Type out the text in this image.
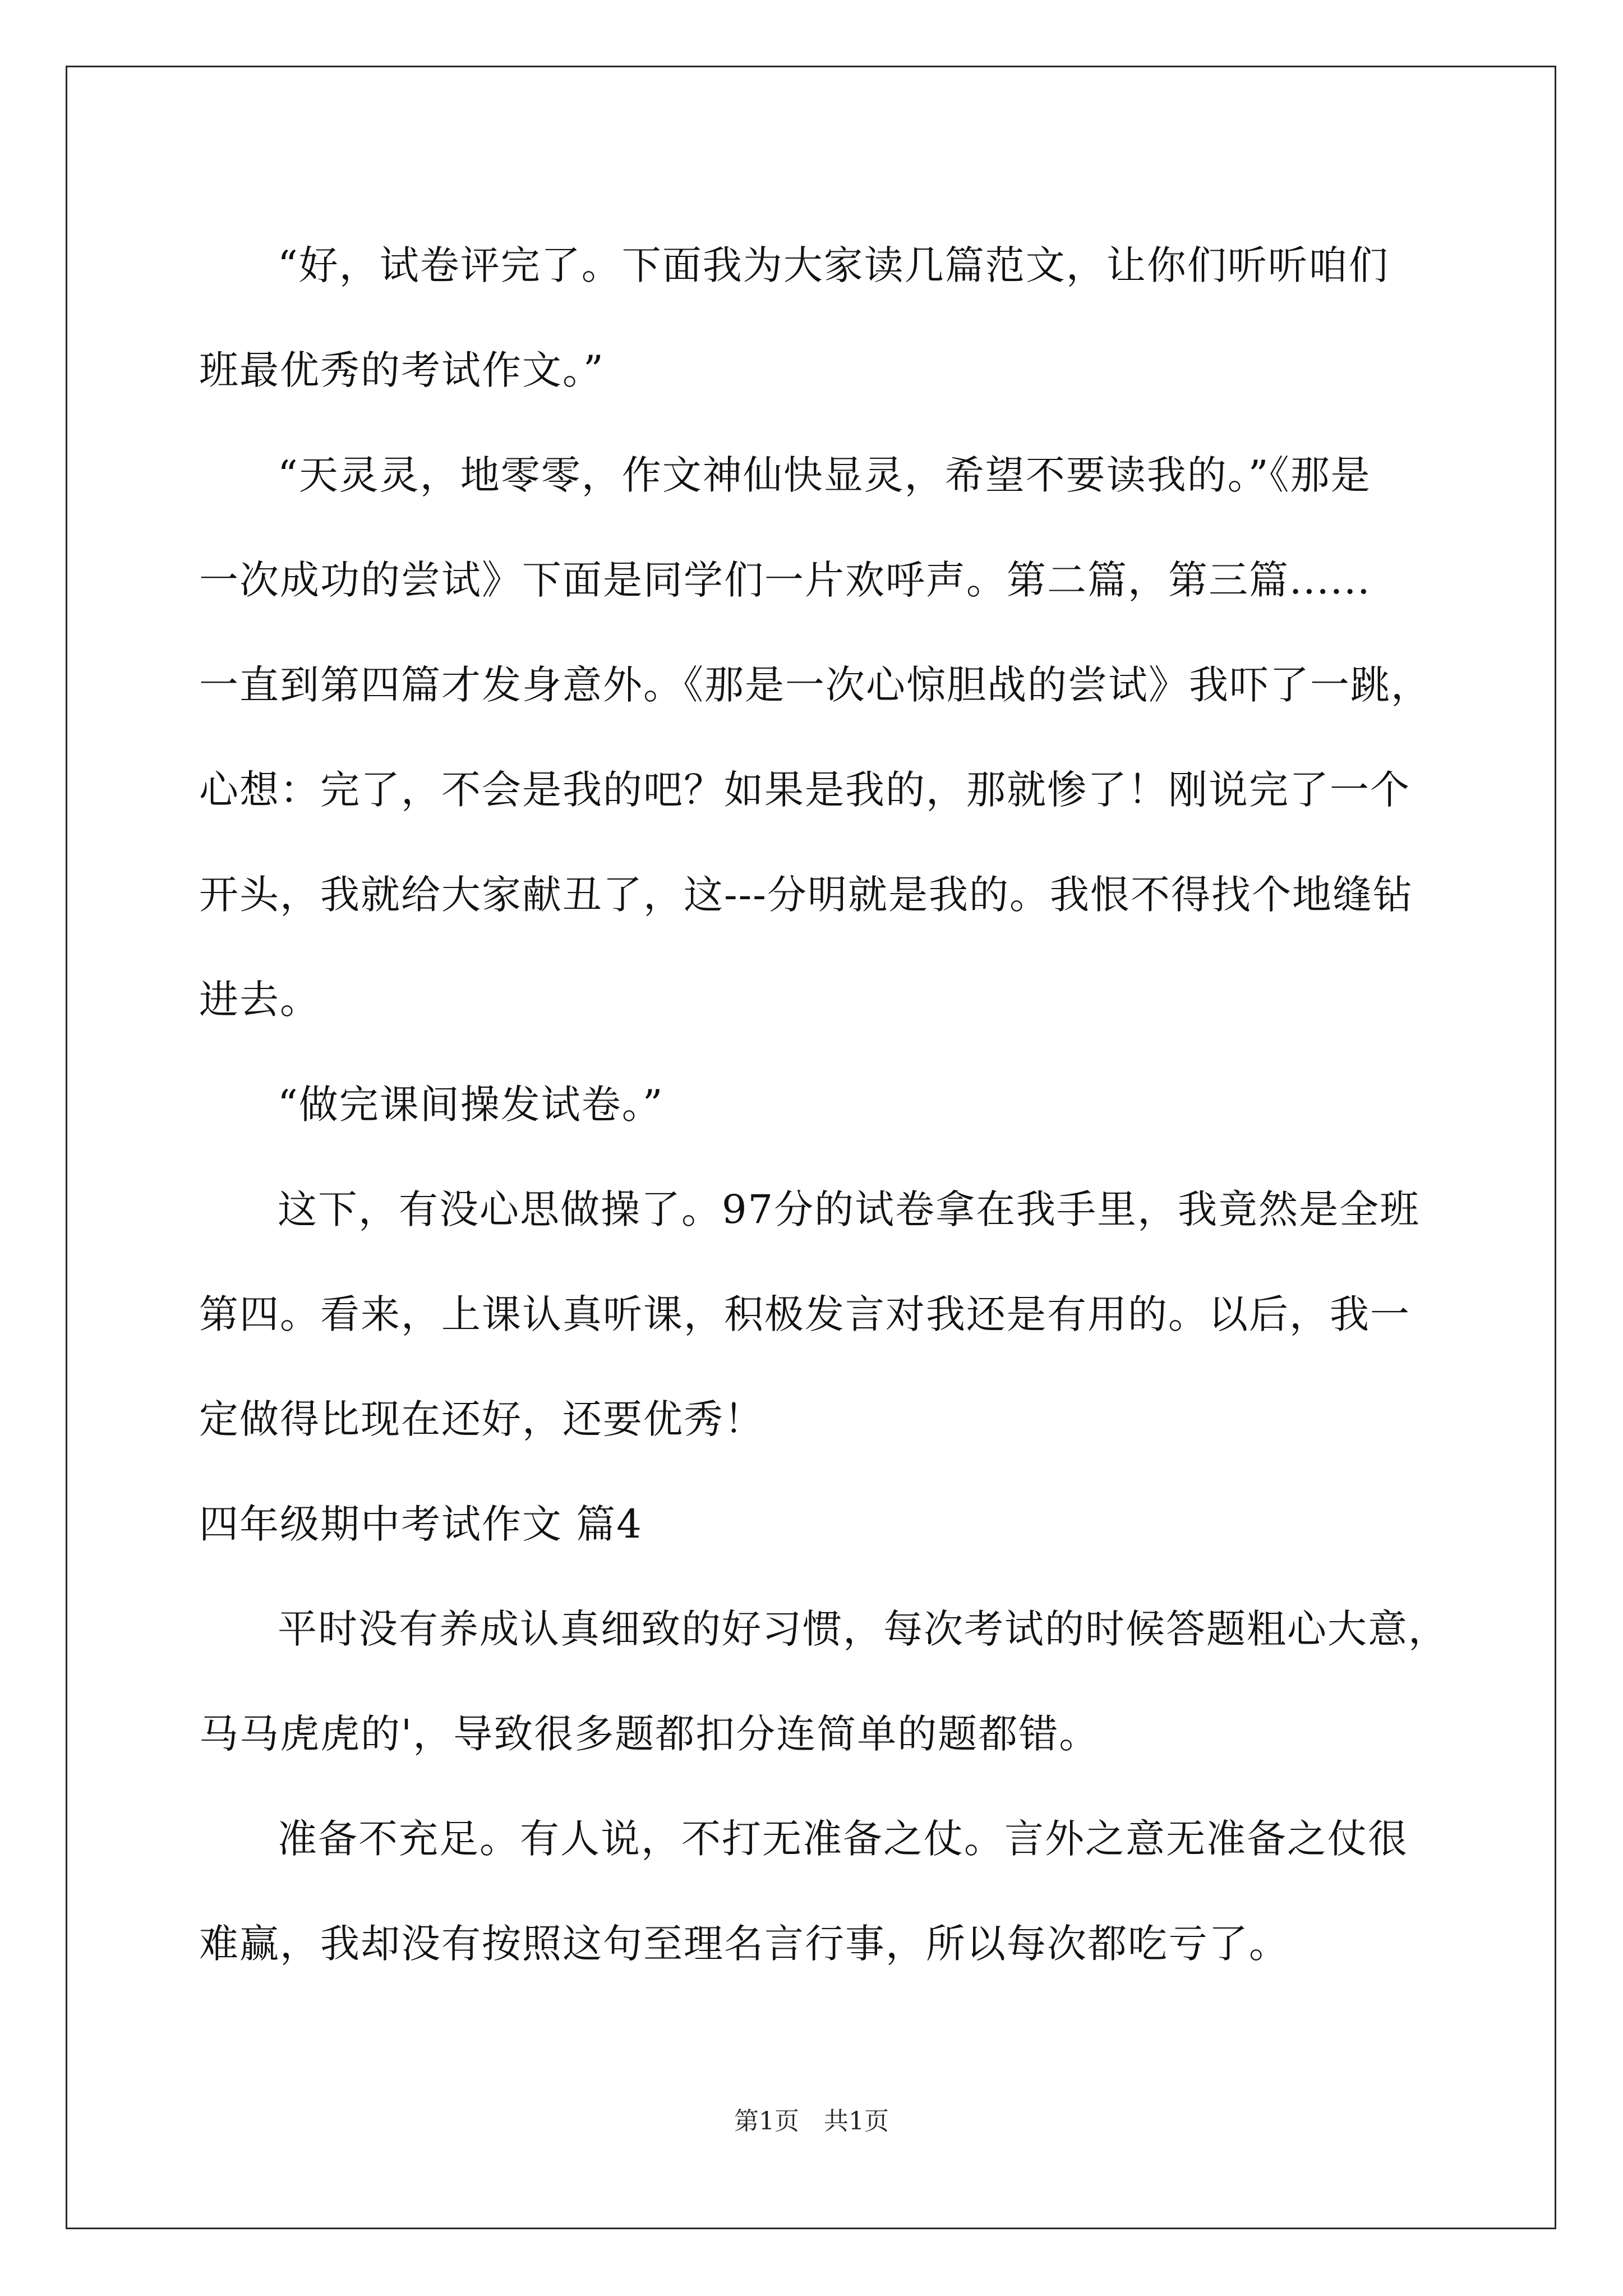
“好，试卷评完了。下面我为大家读几篇范文，让你们听听咱们

班最优秀的考试作文。”

“天灵灵，地零零，作文神仙快显灵，希望不要读我的。”《那是

一次成功的尝试》下面是同学们一片欢呼声。第二篇，第三篇......

一直到第四篇才发身意外。《那是一次心惊胆战的尝试》我吓了一跳，

心想：完了，不会是我的吧？如果是我的，那就惨了！刚说完了一个

开头，我就给大家献丑了，这---分明就是我的。我恨不得找个地缝钻

进去。

“做完课间操发试卷。”

这下，有没心思做操了。97分的试卷拿在我手里，我竟然是全班

第四。看来，上课认真听课，积极发言对我还是有用的。以后，我一

定做得比现在还好，还要优秀！

四年级期中考试作文 篇4

平时没有养成认真细致的好习惯，每次考试的时候答题粗心大意，

马马虎虎的'，导致很多题都扣分连简单的题都错。

准备不充足。有人说，不打无准备之仗。言外之意无准备之仗很

难赢，我却没有按照这句至理名言行事，所以每次都吃亏了。

第1页　共1页
